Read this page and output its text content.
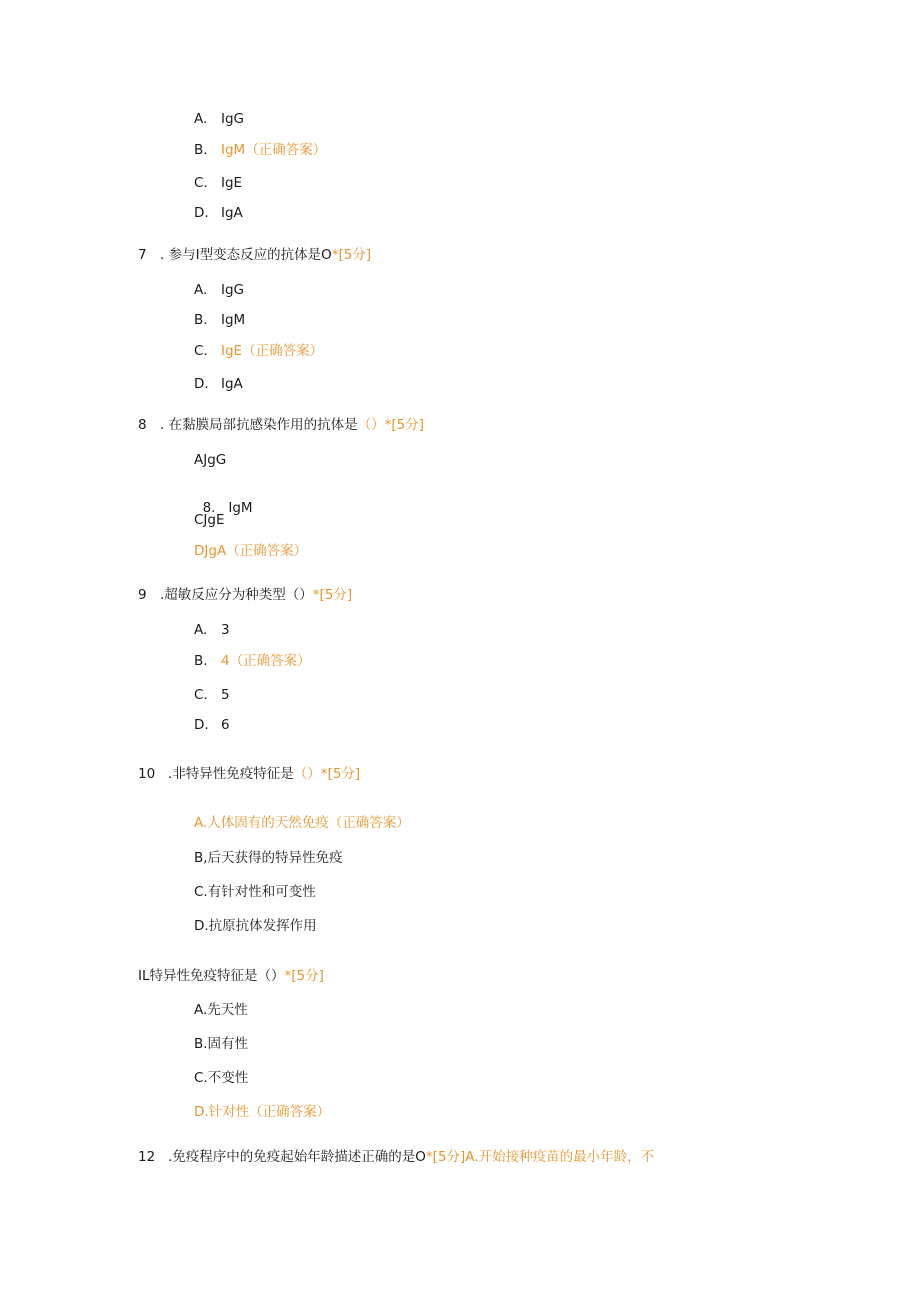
A. IgG
B. IgM（正确答案）
C. IgE
D. IgA
7 . 参与I型变态反应的抗体是O*[5分]
A. IgG
B. IgM
C. IgE（正确答案）
D. IgA
8 . 在黏膜局部抗感染作用的抗体是（）*[5分]
AJgG

8.   IgM

CJgE
DJgA（正确答案）
9 .超敏反应分为种类型（）*[5分]
A. 3
B. 4（正确答案）
C. 5
D. 6
10 .非特异性免疫特征是（）*[5分]
A.人体固有的天然免疫（正确答案）
B,后天获得的特异性免疫
C.有针对性和可变性
D.抗原抗体发挥作用
IL特异性免疫特征是（）*[5分]
A.先天性
B.固有性
C.不变性
D.针对性（正确答案）
12 .免疫程序中的免疫起始年龄描述正确的是O*[5分]A.开始接种疫苗的最小年龄，不
